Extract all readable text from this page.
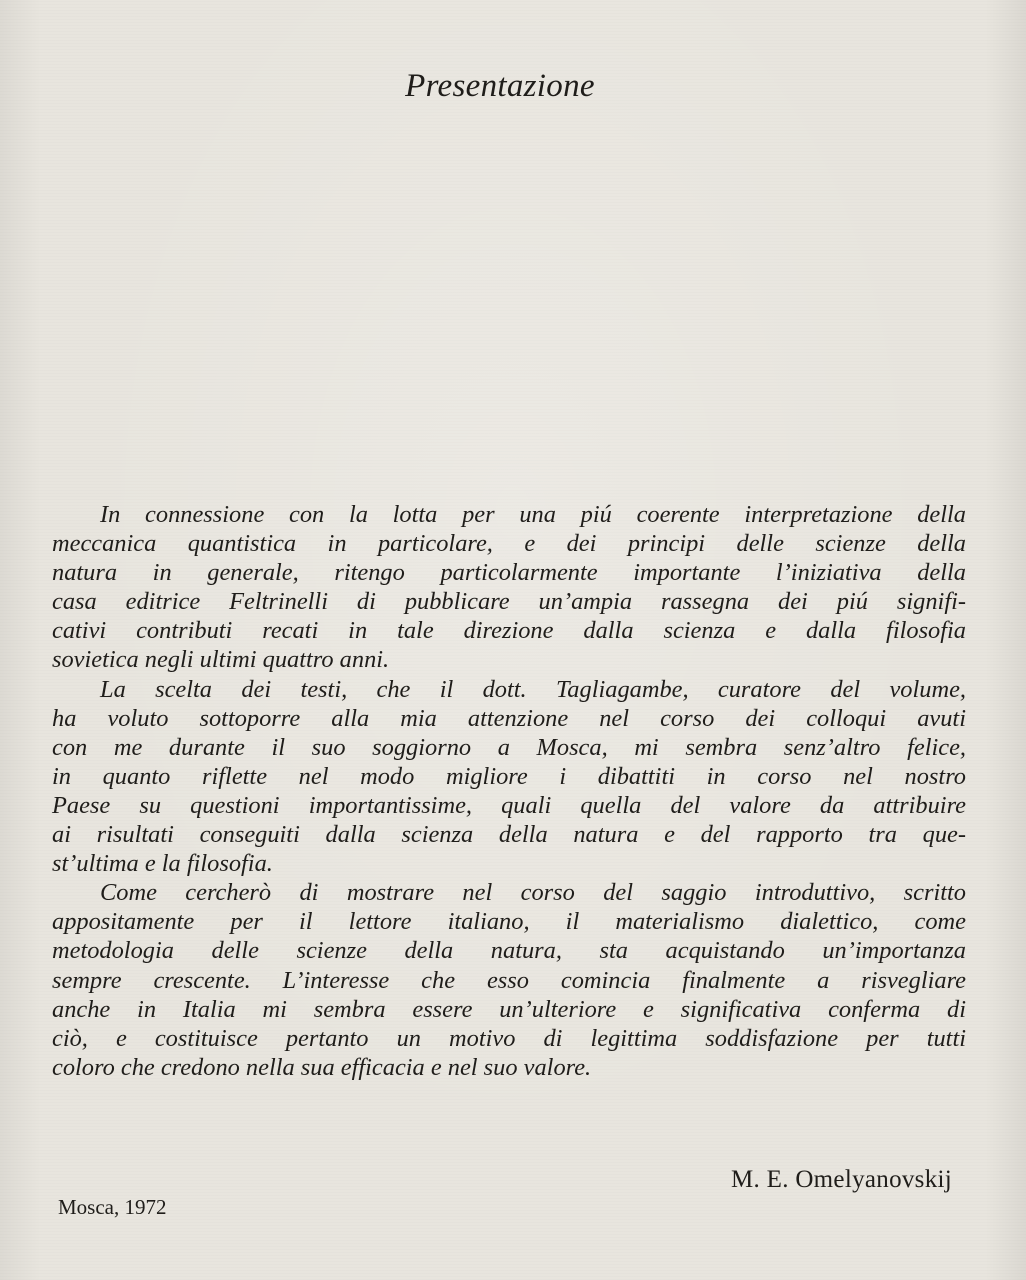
Presentazione

In connessione con la lotta per una piú coerente interpretazione della
meccanica quantistica in particolare, e dei principi delle scienze della
natura in generale, ritengo particolarmente importante l’iniziativa della
casa editrice Feltrinelli di pubblicare un’ampia rassegna dei piú signifi-
cativi contributi recati in tale direzione dalla scienza e dalla filosofia
sovietica negli ultimi quattro anni.

La scelta dei testi, che il dott. Tagliagambe, curatore del volume,
ha voluto sottoporre alla mia attenzione nel corso dei colloqui avuti
con me durante il suo soggiorno a Mosca, mi sembra senz’altro felice,
in quanto riflette nel modo migliore i dibattiti in corso nel nostro
Paese su questioni importantissime, quali quella del valore da attribuire
ai risultati conseguiti dalla scienza della natura e del rapporto tra que-
st’ultima e la filosofia.

Come cercherò di mostrare nel corso del saggio introduttivo, scritto
appositamente per il lettore italiano, il materialismo dialettico, come
metodologia delle scienze della natura, sta acquistando un’importanza
sempre crescente. L’interesse che esso comincia finalmente a risvegliare
anche in Italia mi sembra essere un’ulteriore e significativa conferma di
ciò, e costituisce pertanto un motivo di legittima soddisfazione per tutti
coloro che credono nella sua efficacia e nel suo valore.

M. E. Omelyanovskij

Mosca, 1972
